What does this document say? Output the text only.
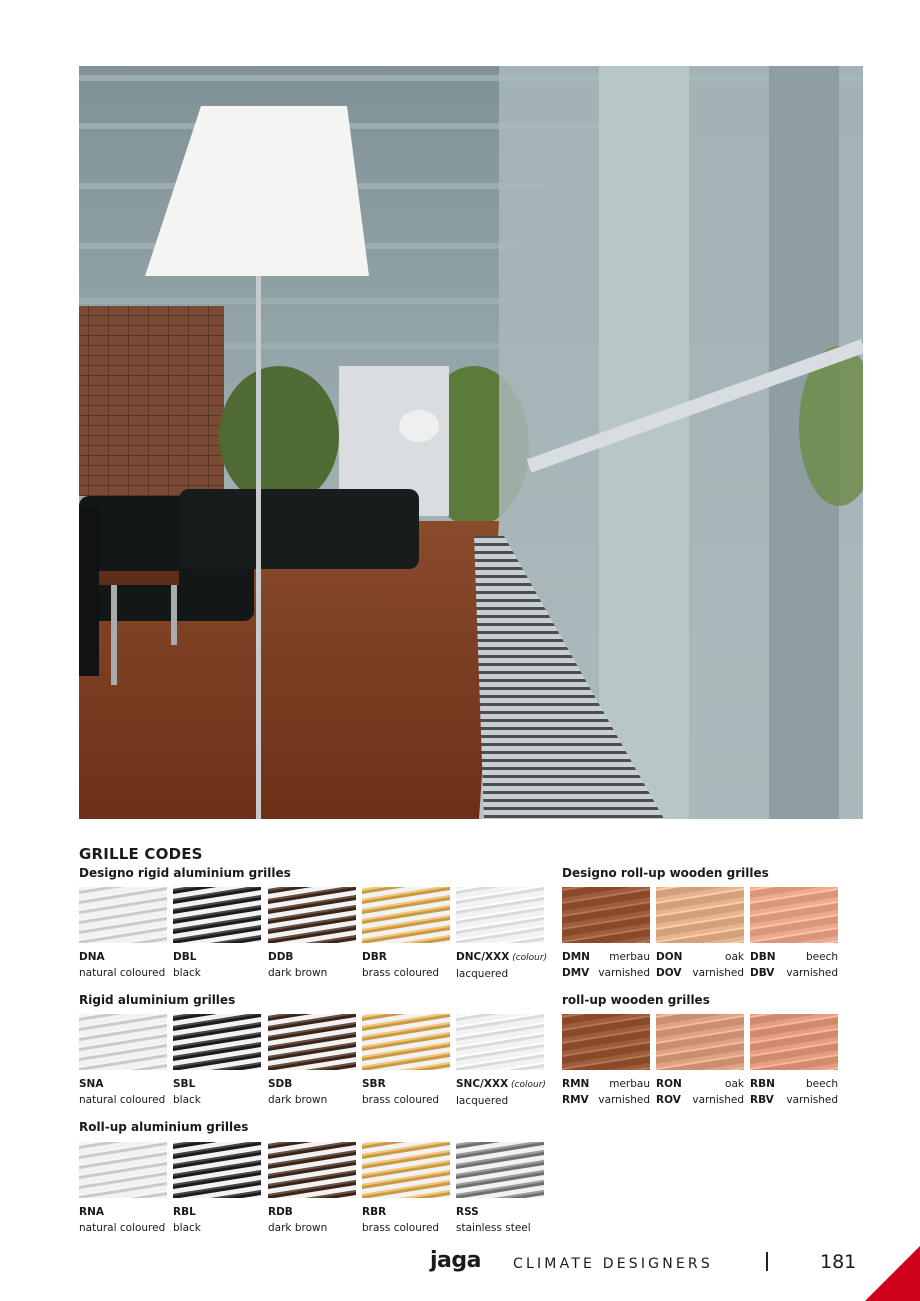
GRILLE CODES
Designo rigid aluminium grilles
Rigid aluminium grilles
Roll-up aluminium grilles
Designo roll-up wooden grilles
roll-up wooden grilles
DNA
natural coloured
DBL
black
DDB
dark brown
DBR
brass coloured
DNC/XXX (colour)
lacquered
SNA
natural coloured
SBL
black
SDB
dark brown
SBR
brass coloured
SNC/XXX (colour)
lacquered
RNA
natural coloured
RBL
black
RDB
dark brown
RBR
brass coloured
RSS
stainless steel
DMN merbau
DMV varnished
DON	oak
DOV varnished
DBN	beech
DBV varnished
RMN merbau
RMV varnished
RON	oak
ROV varnished
RBN	beech
RBV varnished
jaga CLIMATE DESIGNERS	181
